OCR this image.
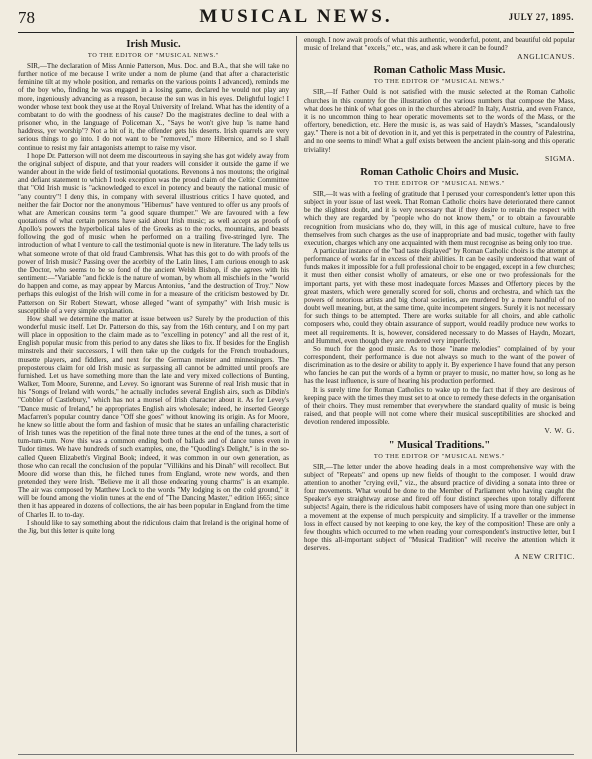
78	MUSICAL NEWS.	JULY 27, 1895.
Irish Music.
TO THE EDITOR OF "MUSICAL NEWS."

SIR,—The declaration of Miss Annie Patterson, Mus. Doc. and B.A., that she will take no further notice of me because I write under a nom de plume (and that after a characteristic feminine tilt at my whole position, and remarks on the various points I advanced), reminds me of the boy who, finding he was engaged in a losing game, declared he would not play any more, ingeniously advancing as a reason, because the sun was in his eyes. Delightful logic! I wonder whose text book they use at the Royal University of Ireland. What has the identity of a combatant to do with the goodness of his cause? Do the magistrates decline to deal with a prisoner who, in the language of Policeman X., "Says he won't give hup 'is name hand haddress, yer worship"? Not a bit of it, the offender gets his deserts. Irish quarrels are very serious things to go into. I do not want to be "removed," more Hibernice, and so I shall continue to resist my fair antagonists attempt to raise my visor.

I hope Dr. Patterson will not deem me discourteous in saying she has got widely away from the original subject of dispute, and that your readers will consider it outside the game if we wander about in the wide field of testimonial quotations. Revenons à nos moutons; the original and defiant statement to which I took exception was the proud claim of the Celtic Committee that "Old Irish music is "acknowledged to excel in potency and beauty the national music of "any country"! I deny this, in company with several illustrious critics I have quoted, and neither the fair Doctor nor the anonymous "Hibernus" have ventured to offer us any proofs of what are American cousins term "a good square thumper." We are favoured with a few quotations of what certain persons have said about Irish music; as well accept as proofs of Apollo's powers the hyperbolical tales of the Greeks as to the rocks, mountains, and beasts following the god of music when he performed on a trailing five-stringed lyre. The introduction of what I venture to call the testimonial quote is new in literature. The lady tells us what someone wrote of that old fraud Cambrensis. What has this got to do with proofs of the power of Irish music? Passing over the acerbity of the Latin lines, I am curious enough to ask the Doctor, who seems to be so fond of the ancient Welsh Bishop, if she agrees with his sentiment:—"Variable "and fickle is the nature of woman, by whom all mischiefs in the "world do happen and come, as may appear by Marcus Antonius, "and the destruction of Troy." Now perhaps this eulogist of the Irish will come in for a measure of the criticism bestowed by Dr. Patterson on Sir Robert Stewart, whose alleged "want of sympathy" with Irish music is susceptible of a very simple explanation.

How shall we determine the matter at issue between us? Surely by the production of this wonderful music itself. Let Dr. Patterson do this, say from the 16th century, and I on my part will place in opposition to the claim made as to "excelling in potency" and all the rest of it, English popular music from this period to any dates she likes to fix. If besides for the English minstrels and their successors, I will then take up the cudgels for the French troubadours, musette players, and fiddlers, and next for the German meister and minnesingers. The preposterous claim for old Irish music as surpassing all cannot be admitted until proofs are furnished. Let us have something more than the late and very mixed collections of Bunting, Walker, Tom Moore, Surenne, and Levey. So ignorant was Surenne of real Irish music that in his "Songs of Ireland with words," he actually includes several English airs, such as Dibdin's "Cobbler of Castlebury," which has not a morsel of Irish character about it. As for Levey's "Dance music of Ireland," he appropriates English airs wholesale; indeed, he inserted George Macfarren's popular country dance "Off she goes" without knowing its origin. As for Moore, he knew so little about the form and fashion of music that he states an unfailing characteristic of Irish tunes was the repetition of the final note three tunes at the end of the tunes, a sort of tum-tum-tum. Now this was a common ending both of ballads and of dance tunes even in Tudor times. We have hundreds of such examples, one, the "Quodling's Delight," is in the so-called Queen Elizabeth's Virginal Book; indeed, it was common in our own generation, as those who can recall the conclusion of the popular "Villikins and his Dinah" will recollect. But Moore did worse than this, he filched tunes from England, wrote new words, and then pretended they were Irish. "Believe me it all those endearing young charms" is an example. The air was composed by Matthew Lock to the words "My lodging is on the cold ground," it will be found among the violin tunes at the end of "The Dancing Master," edition 1665; since then it has appeared in dozens of collections, the air has been popular in England from the time of Charles II. to to-day.

I should like to say something about the ridiculous claim that Ireland is the original home of the Jig, but this letter is quite long

enough. I now await proofs of what this authentic, wonderful, potent, and beautiful old popular music of Ireland that "excels," etc., was, and ask where it can be found?

ANGLICANUS.
Roman Catholic Mass Music.
TO THE EDITOR OF "MUSICAL NEWS."

SIR,—If Father Ould is not satisfied with the music selected at the Roman Catholic churches in this country for the illustration of the various numbers that compose the Mass, what does he think of what goes on in the churches abroad? In Italy, Austria, and even France, it is no uncommon thing to hear operatic movements set to the words of the Mass, or the offertory, benediction, etc. Here the music is, as was said of Haydn's Masses, "scandalously gay." There is not a bit of devotion in it, and yet this is perpetrated in the country of Palestrina, and no one seems to mind! What a gulf exists between the ancient plain-song and this operatic triviality!

SIGMA.
Roman Catholic Choirs and Music.
TO THE EDITOR OF "MUSICAL NEWS."

SIR,—It was with a feeling of gratitude that I perused your correspondent's letter upon this subject in your issue of last week. That Roman Catholic choirs have deteriorated there cannot be the slightest doubt, and it is very necessary that if they desire to retain the respect with which they are regarded by "people who do not know them," or to obtain a favourable recognition from musicians who do, they will, in this age of musical culture, have to free themselves from such charges as the use of inappropriate and bad music, together with faulty execution, charges which any one acquainted with them must recognise as being only too true.

A particular instance of the "bad taste displayed" by Roman Catholic choirs is the attempt at performance of works far in excess of their abilities. It can be easily understood that want of funds makes it impossible for a full professional choir to be engaged, except in a few churches; it must then either consist wholly of amateurs, or else one or two professionals for the important parts, yet with these most inadequate forces Masses and Offertory pieces by the great masters, which were generally scored for soli, chorus and orchestra, and which tax the powers of notorious artists and big choral societies, are murdered by a mere handful of no doubt well meaning, but, at the same time, quite incompetent singers. Surely it is not necessary for such things to be attempted. There are works suitable for all choirs, and able catholic composers who, could they obtain assurance of support, would readily produce new works to meet all requirements. It is, however, considered necessary to do Masses of Haydn, Mozart, and Hummel, even though they are rendered very imperfectly.

So much for the good music. As to those "inane melodies" complained of by your correspondent, their performance is due not always so much to the want of the power of discrimination as to the desire or ability to apply it. By experience I have found that any person who fancies he can put the words of a hymn or prayer to music, no matter how, so long as he has the least influence, is sure of hearing his production performed.

It is surely time for Roman Catholics to wake up to the fact that if they are desirous of keeping pace with the times they must set to at once to remedy these defects in the organisation of their choirs. They must remember that everywhere the standard quality of music is being raised, and that people will not come where their musical susceptibilities are shocked and devotion rendered impossible.

V. W. G.
" Musical Traditions."
TO THE EDITOR OF "MUSICAL NEWS."

SIR,—The letter under the above heading deals in a most comprehensive way with the subject of "Repeats" and opens up new fields of thought to the composer. I would draw attention to another "crying evil," viz., the absurd practice of dividing a sonata into three or four movements. What would be done to the Member of Parliament who having caught the Speaker's eye straightway arose and fired off four distinct speeches upon totally different subjects! Again, there is the ridiculous habit composers have of using more than one subject in a movement at the expense of much perspicuity and simplicity. If a traveller or the immense loss in effect caused by not keeping to one key, the key of the composition! These are only a few thoughts which occurred to me when reading your correspondent's instructive letter, but I hope this all-important subject of "Musical Tradition" will receive the attention which it deserves.

A NEW CRITIC.
